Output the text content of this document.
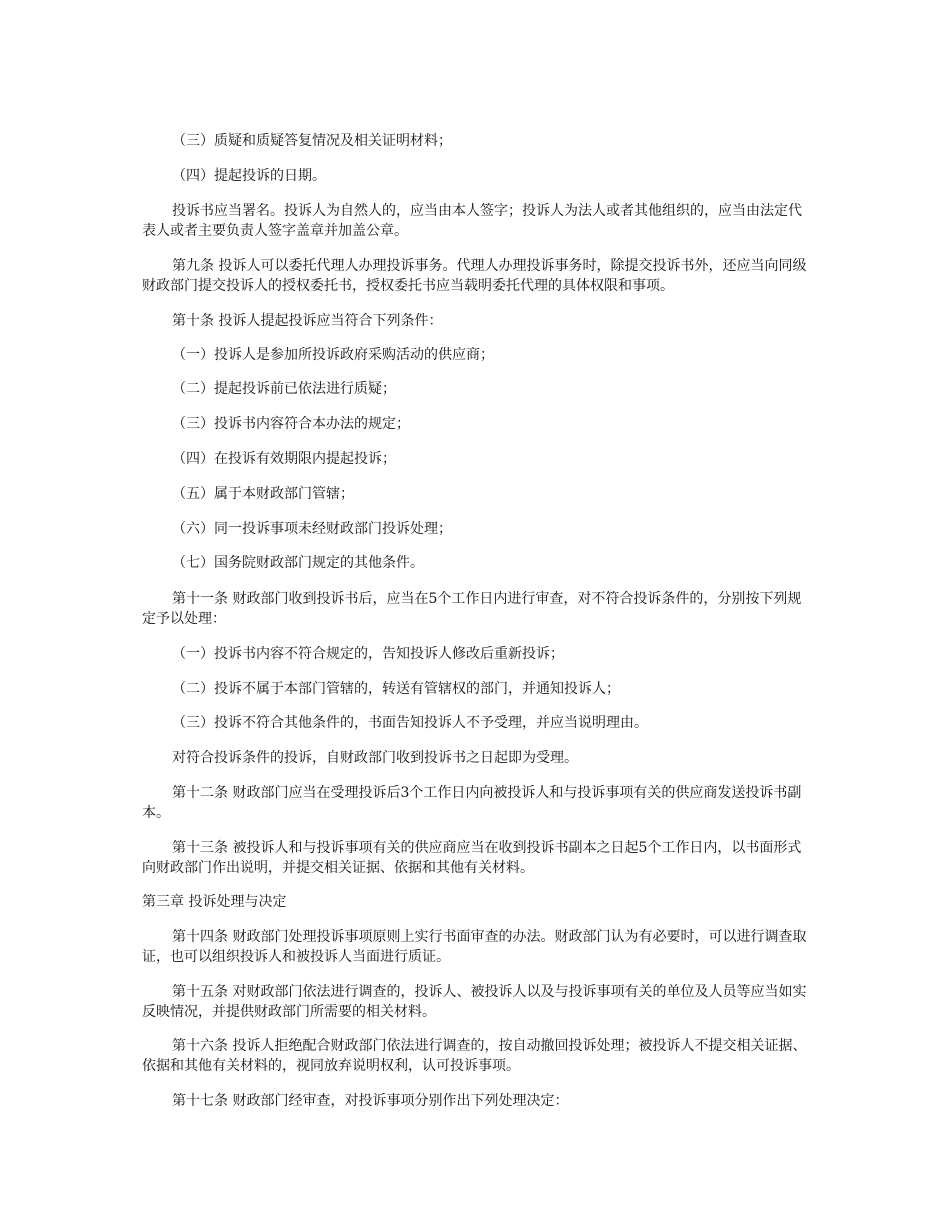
（三）质疑和质疑答复情况及相关证明材料；

（四）提起投诉的日期。

投诉书应当署名。投诉人为自然人的，应当由本人签字；投诉人为法人或者其他组织的，应当由法定代表人或者主要负责人签字盖章并加盖公章。

第九条 投诉人可以委托代理人办理投诉事务。代理人办理投诉事务时，除提交投诉书外，还应当向同级财政部门提交投诉人的授权委托书，授权委托书应当载明委托代理的具体权限和事项。

第十条 投诉人提起投诉应当符合下列条件：

（一）投诉人是参加所投诉政府采购活动的供应商；

（二）提起投诉前已依法进行质疑；

（三）投诉书内容符合本办法的规定；

（四）在投诉有效期限内提起投诉；

（五）属于本财政部门管辖；

（六）同一投诉事项未经财政部门投诉处理；

（七）国务院财政部门规定的其他条件。

第十一条 财政部门收到投诉书后，应当在5个工作日内进行审查，对不符合投诉条件的，分别按下列规定予以处理：

（一）投诉书内容不符合规定的，告知投诉人修改后重新投诉；

（二）投诉不属于本部门管辖的，转送有管辖权的部门，并通知投诉人；

（三）投诉不符合其他条件的，书面告知投诉人不予受理，并应当说明理由。

对符合投诉条件的投诉，自财政部门收到投诉书之日起即为受理。

第十二条 财政部门应当在受理投诉后3个工作日内向被投诉人和与投诉事项有关的供应商发送投诉书副本。

第十三条 被投诉人和与投诉事项有关的供应商应当在收到投诉书副本之日起5个工作日内，以书面形式向财政部门作出说明，并提交相关证据、依据和其他有关材料。

第三章 投诉处理与决定

第十四条 财政部门处理投诉事项原则上实行书面审查的办法。财政部门认为有必要时，可以进行调查取证，也可以组织投诉人和被投诉人当面进行质证。

第十五条 对财政部门依法进行调查的，投诉人、被投诉人以及与投诉事项有关的单位及人员等应当如实反映情况，并提供财政部门所需要的相关材料。

第十六条 投诉人拒绝配合财政部门依法进行调查的，按自动撤回投诉处理；被投诉人不提交相关证据、依据和其他有关材料的，视同放弃说明权利，认可投诉事项。

第十七条 财政部门经审查，对投诉事项分别作出下列处理决定：
